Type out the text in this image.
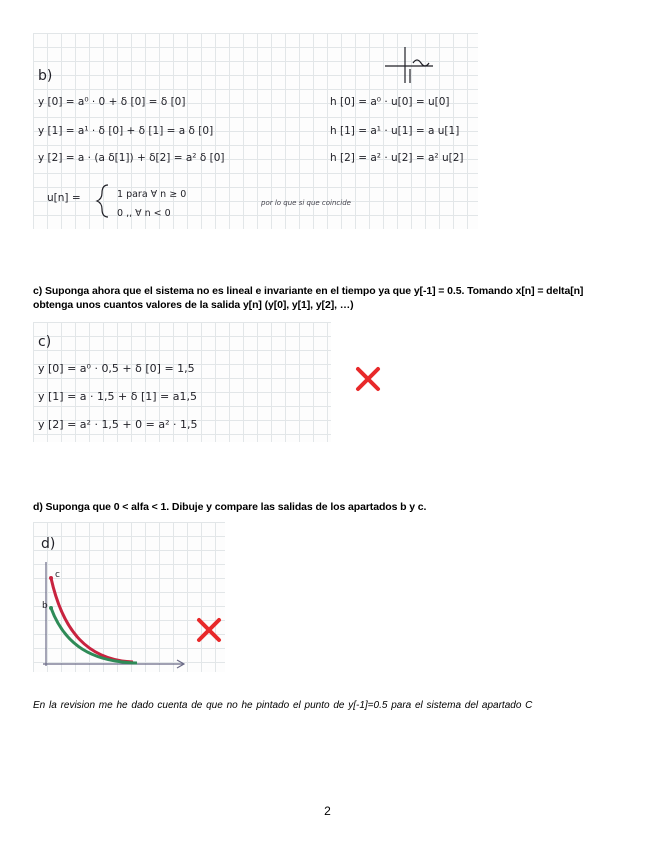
b)
y [0] = a⁰ · 0 + δ [0] = δ [0]	h [0] = a⁰ · u[0] = u[0]
y [1] = a¹ · δ [0] + δ [1] = a δ [0]	h [1] = a¹ · u[1] = a u[1]
y [2] = a · (a δ[1]) + δ[2] = a² δ [0]	h [2] = a² · u[2] = a² u[2]
u[n] =	1 para ∀ n ≥ 0
0 ,, ∀ n < 0
por lo que si que coincide
c) Suponga ahora que el sistema no es lineal e invariante en el tiempo ya que y[-1] = 0.5. Tomando x[n] = delta[n] obtenga unos cuantos valores de la salida y[n] (y[0], y[1], y[2], …)
c)
y [0] = a⁰ · 0,5 + δ [0] = 1,5
y [1] = a · 1,5 + δ [1] = a1,5
y [2] = a² · 1,5 + 0 = a² · 1,5
d) Suponga que 0 < alfa < 1. Dibuje y compare las salidas de los apartados b y c.
d)
c
b
En la revision me he dado cuenta de que no he pintado el punto de y[-1]=0.5 para el sistema del apartado C
2
